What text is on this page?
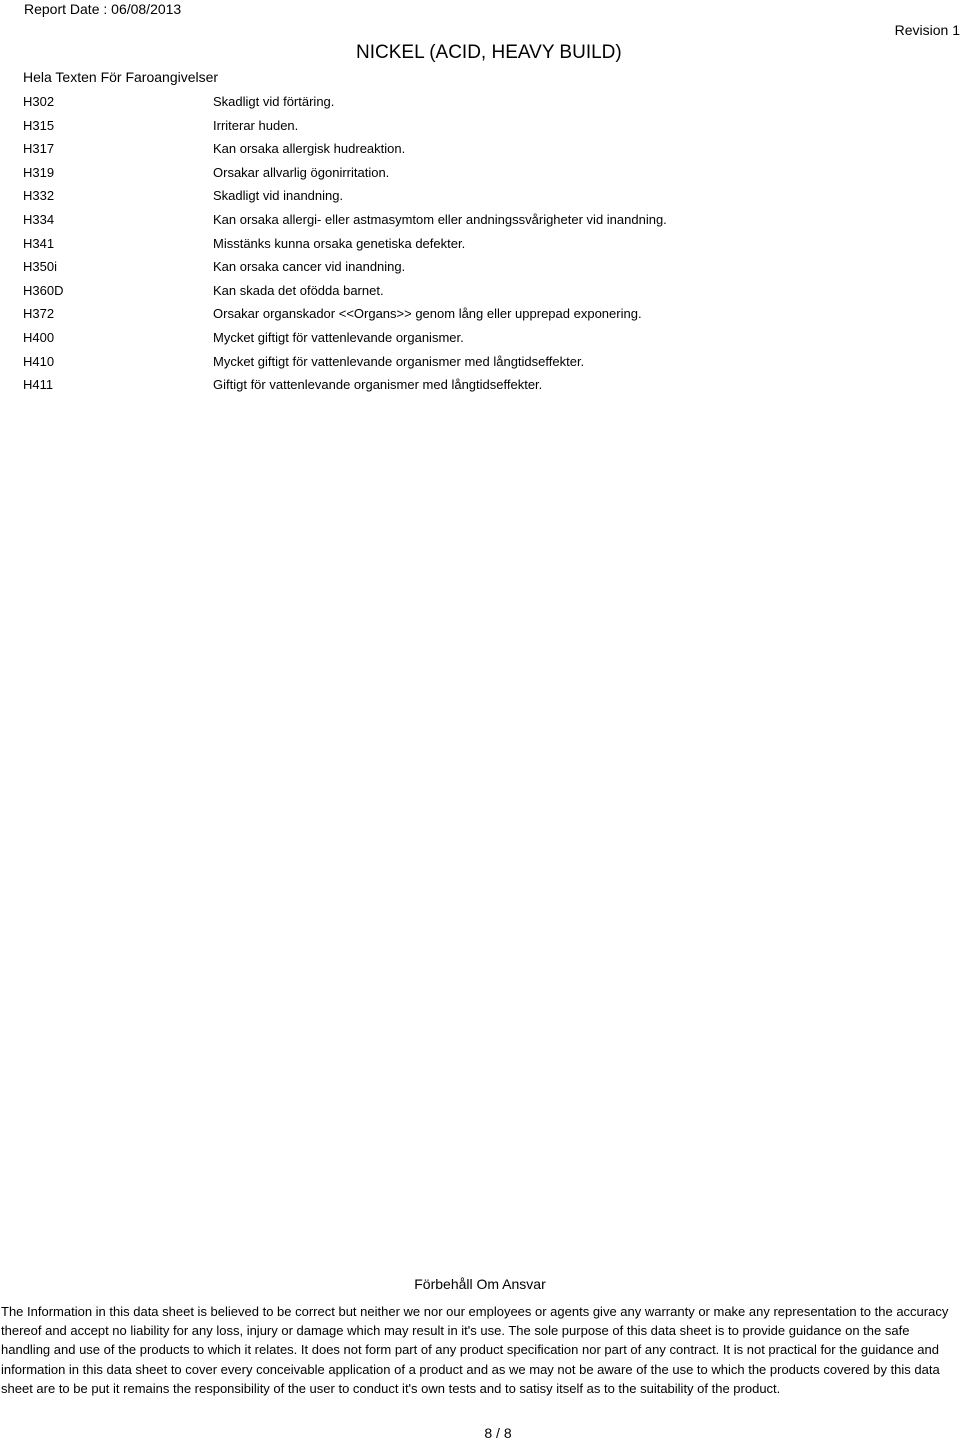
Report Date : 06/08/2013
Revision 1
NICKEL (ACID, HEAVY BUILD)
Hela Texten För Faroangivelser
H302	Skadligt vid förtäring.
H315	Irriterar huden.
H317	Kan orsaka allergisk hudreaktion.
H319	Orsakar allvarlig ögonirritation.
H332	Skadligt vid inandning.
H334	Kan orsaka allergi- eller astmasymtom eller andningssvårigheter vid inandning.
H341	Misstänks kunna orsaka genetiska defekter.
H350i	Kan orsaka cancer vid inandning.
H360D	Kan skada det ofödda barnet.
H372	Orsakar organskador <<Organs>> genom lång eller upprepad exponering.
H400	Mycket giftigt för vattenlevande organismer.
H410	Mycket giftigt för vattenlevande organismer med långtidseffekter.
H411	Giftigt för vattenlevande organismer med långtidseffekter.
Förbehåll Om Ansvar

The Information in this data sheet is believed to be correct but neither we nor our employees or agents give any warranty or make any representation to the accuracy thereof and accept no liability for any loss, injury or damage which may result in it's use. The sole purpose of this data sheet is to provide guidance on the safe handling and use of the products to which it relates. It does not form part of any product specification nor part of any contract. It is not practical for the guidance and information in this data sheet to cover every conceivable application of a product and as we may not be aware of the use to which the products covered by this data sheet are to be put it remains the responsibility of the user to conduct it's own tests and to satisy itself as to the suitability of the product.

8 / 8
